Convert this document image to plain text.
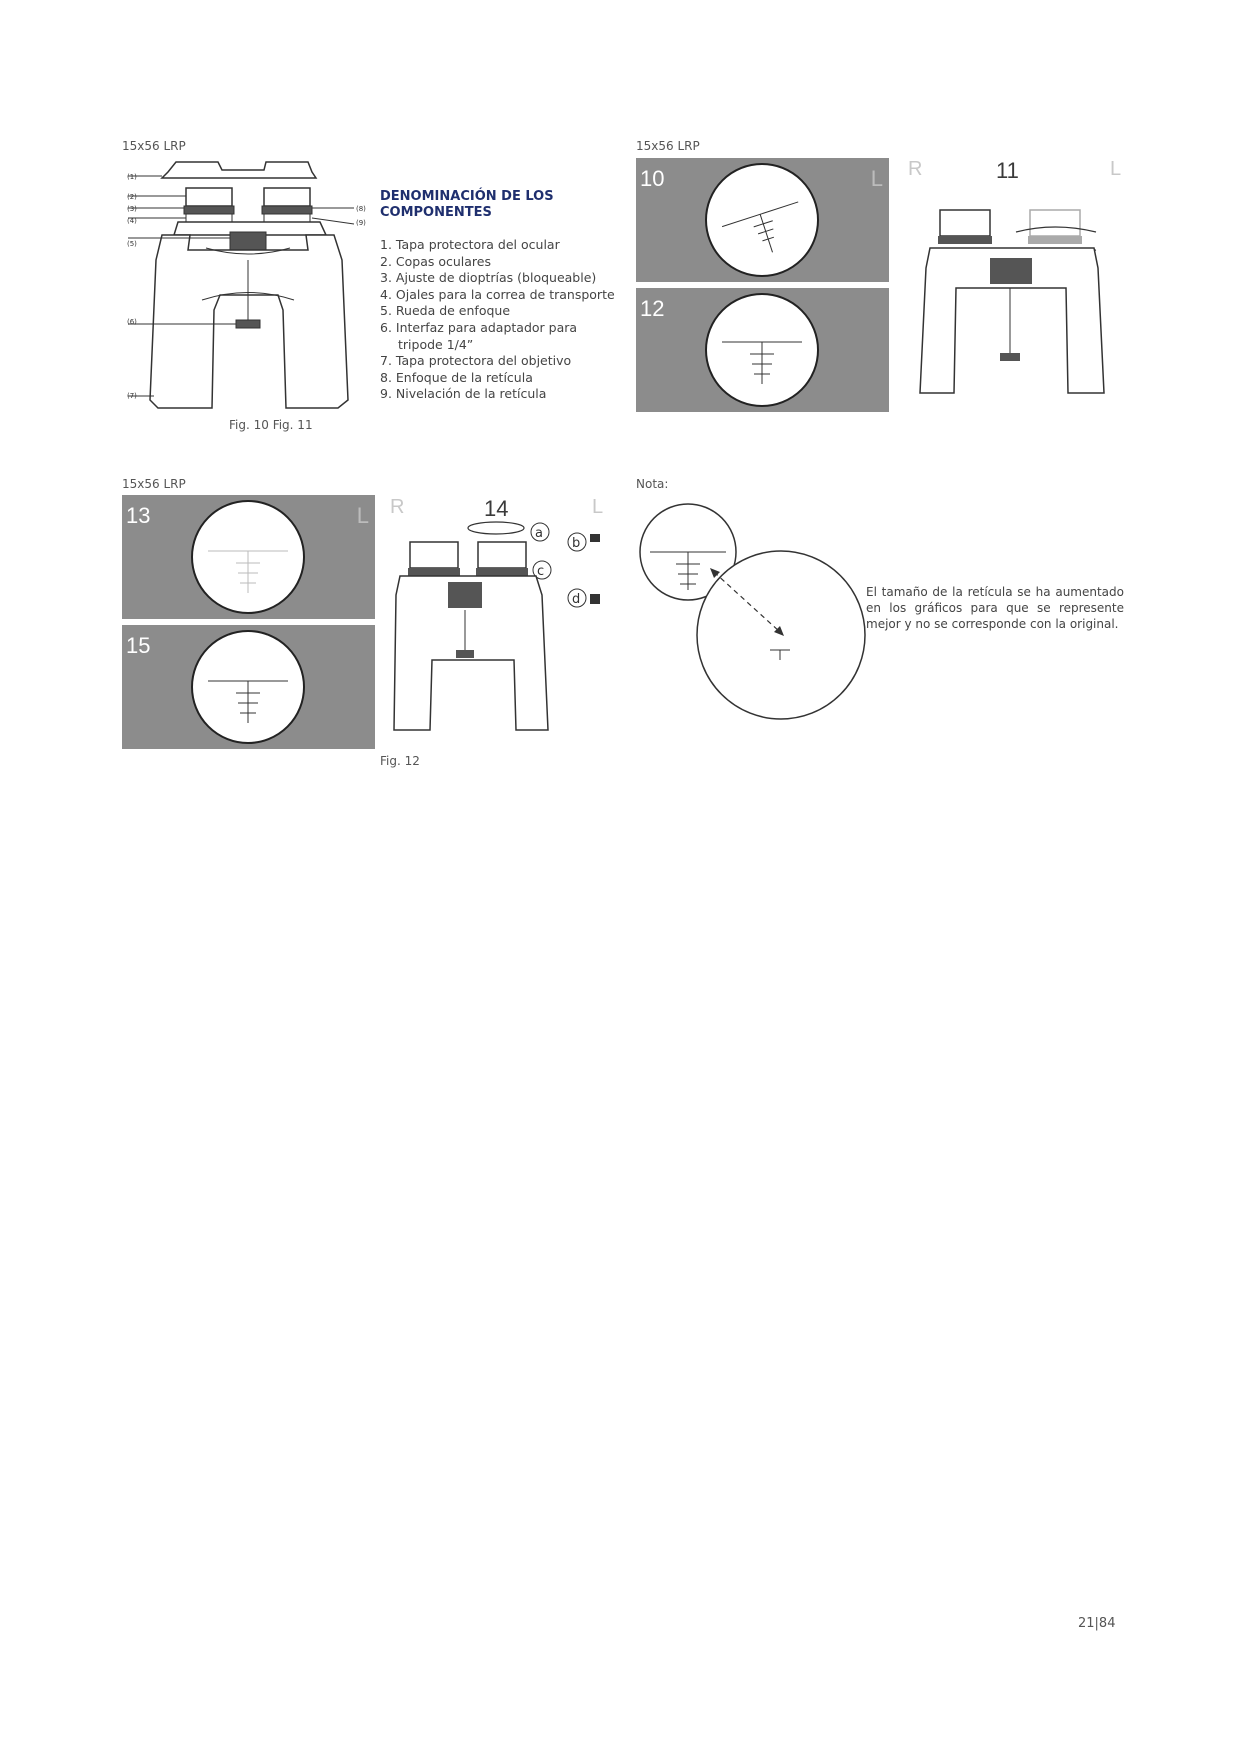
15x56 LRP
(1)
(2)
(3)
(4)
(5)
(6)
(7)
(8)
(9)
DENOMINACIÓN DE LOS
COMPONENTES
1. Tapa protectora del ocular
2. Copas oculares
3. Ajuste de dioptrías (bloqueable)
4. Ojales para la correa de transporte
5. Rueda de enfoque
6. Interfaz para adaptador para
tripode 1/4”
7. Tapa protectora del objetivo
8. Enfoque de la retícula
9. Nivelación de la retícula
Fig. 10 Fig. 11
15x56 LRP
10	L
12
R	11	L
15x56 LRP
13	L
15
R	14	L
a
b
c
d
Fig. 12
Nota:
El tamaño de la retícula se ha aumentado en los gráficos para que se represente mejor y no se corresponde con la original.
21|84
